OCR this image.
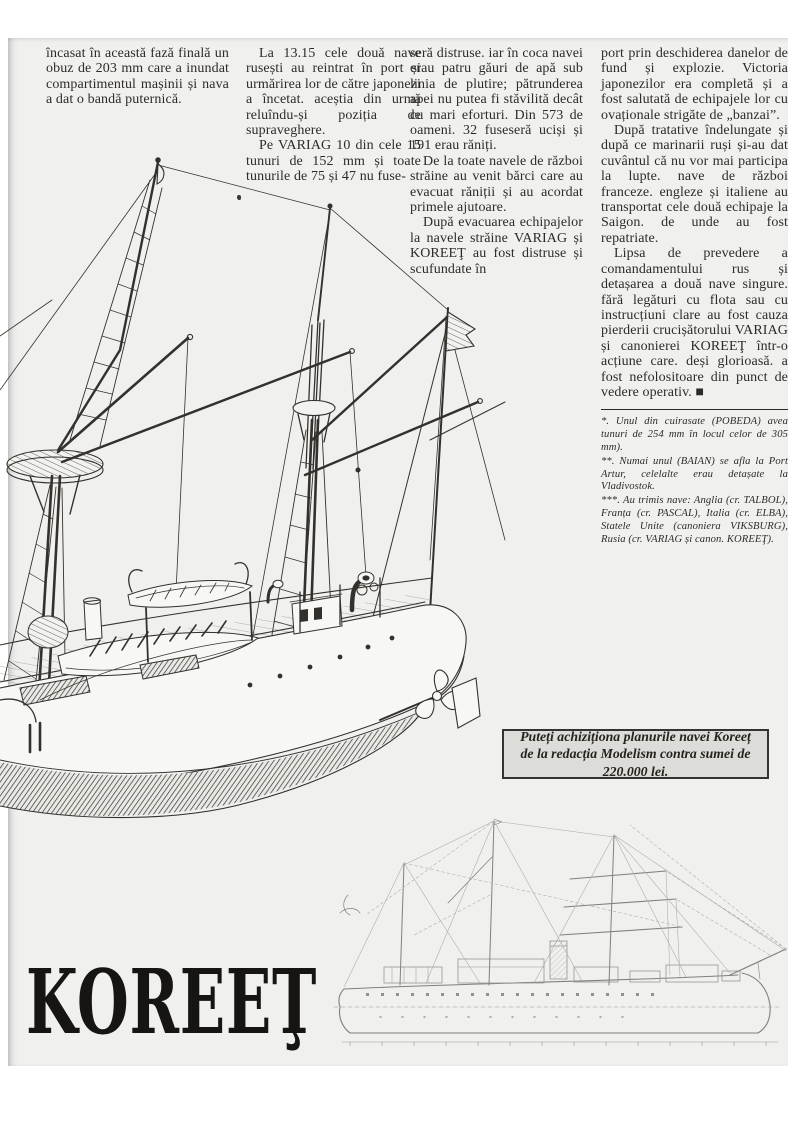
încasat în această fază finală un obuz de 203 mm care a inundat compartimentul mașinii și nava a dat o bandă puternică.

La 13.15 cele două nave rusești au reintrat în port și urmărirea lor de către japonezi a încetat. aceștia din urmă reluîndu-și poziția de supraveghere.

Pe VARIAG 10 din cele 15 tunuri de 152 mm și toate tunurile de 75 și 47 nu fuse-

seră distruse. iar în coca navei erau patru găuri de apă sub linia de plutire; pătrunderea apei nu putea fi stăvilită decât cu mari eforturi. Din 573 de oameni. 32 fuseseră uciși și 191 erau răniți.

De la toate navele de război străine au venit bărci care au evacuat răniții și au acordat primele ajutoare.

După evacuarea echipajelor la navele străine VARIAG și KOREEŢ au fost distruse și scufundate în

port prin deschiderea danelor de fund și explozie. Victoria japonezilor era completă și a fost salutată de echipajele lor cu ovaționale strigăte de „banzai”.

După tratative îndelungate și după ce marinarii ruși și-au dat cuvântul că nu vor mai participa la lupte. nave de război franceze. engleze și italiene au transportat cele două echipaje la Saigon. de unde au fost repatriate.

Lipsa de prevedere a comandamentului rus și detașarea a două nave singure. fără legături cu flota sau cu instrucțiuni clare au fost cauza pierderii crucișătorului VARIAG și canonierei KOREEŢ într-o acțiune care. deși glorioasă. a fost nefolositoare din punct de vedere operativ. ■

*. Unul din cuirasate (POBEDA) avea tunuri de 254 mm în locul celor de 305 mm).

**. Numai unul (BAIAN) se afla la Port Artur, celelalte erau detașate la Vladivostok.

***. Au trimis nave: Anglia (cr. TALBOL), Franța (cr. PASCAL), Italia (cr. ELBA), Statele Unite (canoniera VIKSBURG), Rusia (cr. VARIAG și canon. KOREEŢ).

Puteți achiziționa planurile navei Koreeț de la redacția Modelism contra sumei de 220.000 lei.
KOREEŢ
